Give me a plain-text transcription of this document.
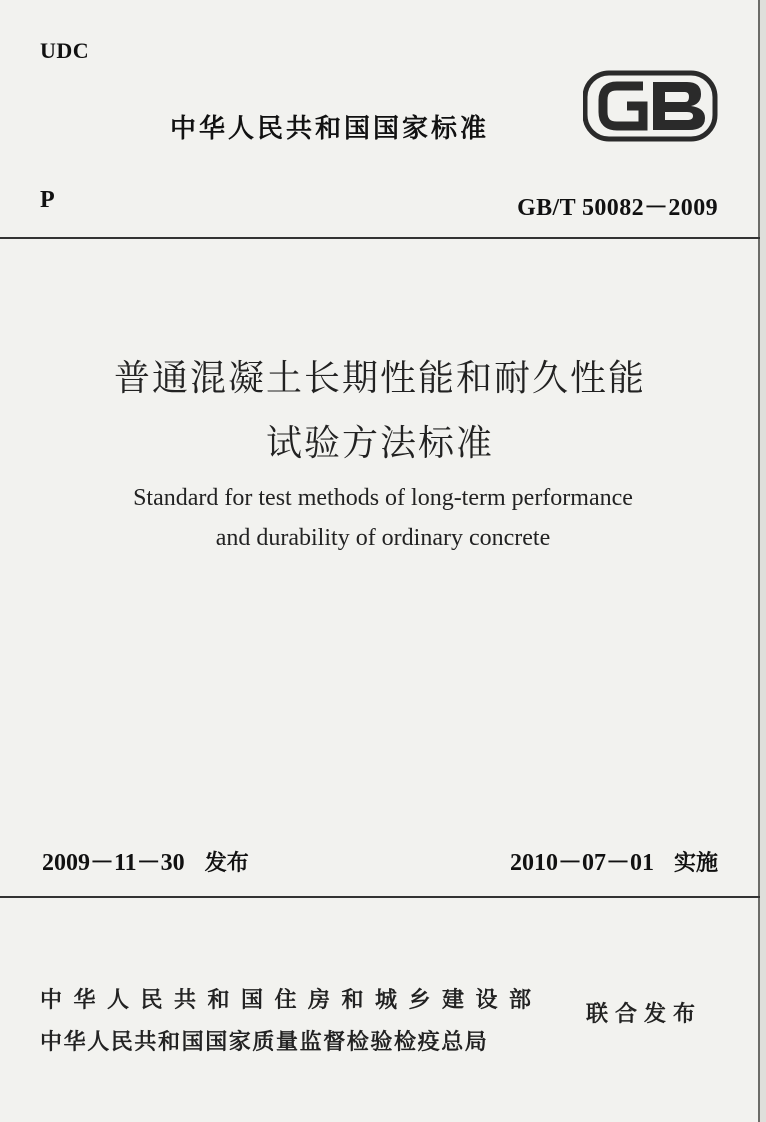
UDC
中华人民共和国国家标准
P	GB/T 50082－2009
普通混凝土长期性能和耐久性能
试验方法标准
Standard for test methods of long-term performance
and durability of ordinary concrete
2009－11－30 发布	2010－07－01 实施
中华人民共和国住房和城乡建设部
中华人民共和国国家质量监督检验检疫总局
联合发布
